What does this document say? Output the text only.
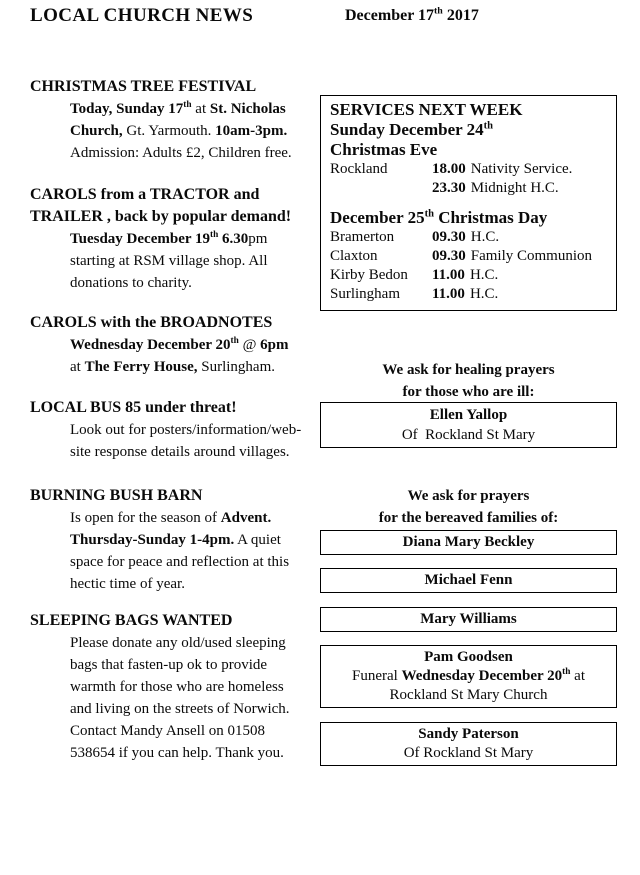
LOCAL CHURCH NEWS	December 17th 2017
CHRISTMAS TREE FESTIVAL
Today, Sunday 17th at St. Nicholas
Church, Gt. Yarmouth. 10am-3pm.
Admission: Adults £2, Children free.
CAROLS from a TRACTOR and
TRAILER , back by popular demand!
Tuesday December 19th 6.30pm
starting at RSM village shop. All
donations to charity.
CAROLS with the BROADNOTES
Wednesday December 20th @ 6pm
at The Ferry House, Surlingham.
LOCAL BUS 85 under threat!
Look out for posters/information/web-
site response details around villages.
BURNING BUSH BARN
Is open for the season of Advent.
Thursday-Sunday 1-4pm. A quiet
space for peace and reflection at this
hectic time of year.
SLEEPING BAGS WANTED
Please donate any old/used sleeping
bags that fasten-up ok to provide
warmth for those who are homeless
and living on the streets of Norwich.
Contact Mandy Ansell on 01508
538654 if you can help. Thank you.
SERVICES NEXT WEEK
Sunday December 24th
Christmas Eve
Rockland	18.00 Nativity Service.
23.30 Midnight H.C.
December 25th Christmas Day
Bramerton	09.30 H.C.
Claxton	09.30 Family Communion
Kirby Bedon 11.00 H.C.
Surlingham 11.00 H.C.
We ask for healing prayers
for those who are ill:
Ellen Yallop
Of  Rockland St Mary
We ask for prayers
for the bereaved families of:
Diana Mary Beckley
Michael Fenn
Mary Williams
Pam Goodsen
Funeral Wednesday December 20th at
Rockland St Mary Church
Sandy Paterson
Of Rockland St Mary
